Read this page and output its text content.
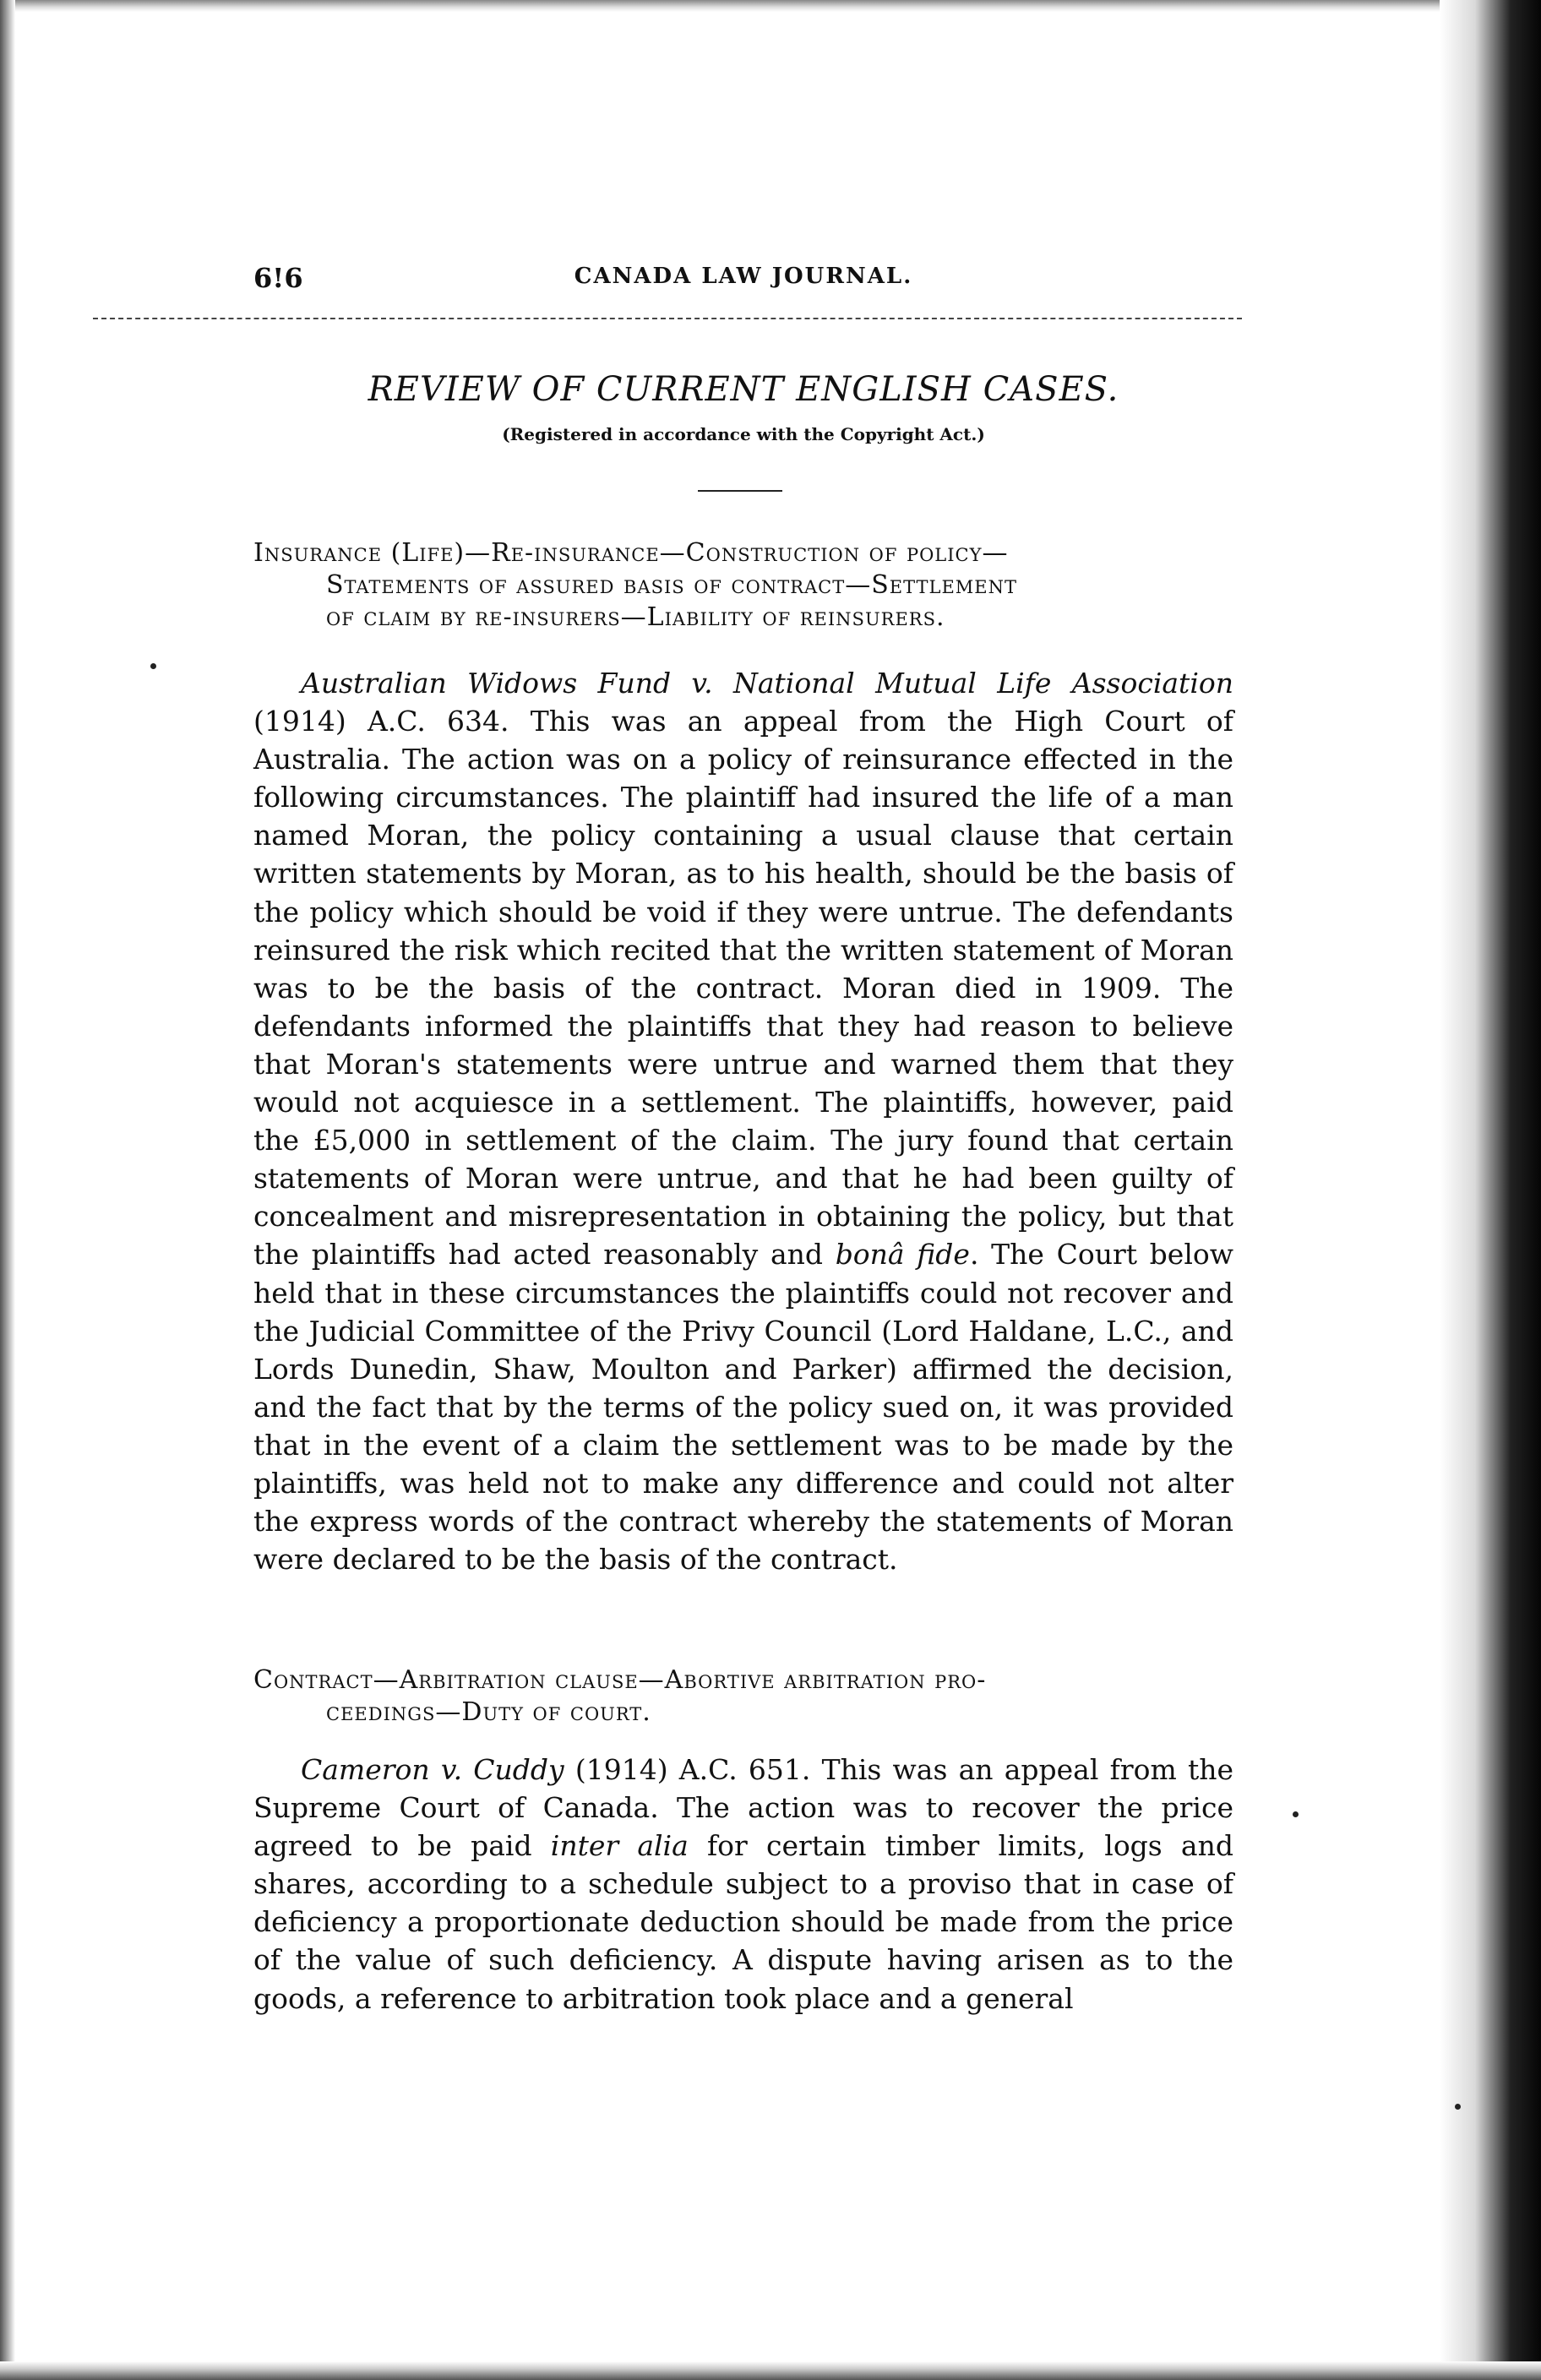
6!6	CANADA LAW JOURNAL.
REVIEW OF CURRENT ENGLISH CASES.
(Registered in accordance with the Copyright Act.)
Insurance (Life)—Re-insurance—Construction of policy—
Statements of assured basis of contract—Settlement
of claim by re-insurers—Liability of reinsurers.

Australian Widows Fund v. National Mutual Life Association (1914) A.C. 634. This was an appeal from the High Court of Australia. The action was on a policy of reinsurance effected in the following circumstances. The plaintiff had insured the life of a man named Moran, the policy containing a usual clause that certain written statements by Moran, as to his health, should be the basis of the policy which should be void if they were untrue. The defendants reinsured the risk which recited that the written statement of Moran was to be the basis of the contract. Moran died in 1909. The defendants informed the plaintiffs that they had reason to believe that Moran's statements were untrue and warned them that they would not acquiesce in a settlement. The plaintiffs, however, paid the £5,000 in settlement of the claim. The jury found that certain statements of Moran were untrue, and that he had been guilty of concealment and misrepresentation in obtaining the policy, but that the plaintiffs had acted reasonably and bonâ fide. The Court below held that in these circumstances the plaintiffs could not recover and the Judicial Committee of the Privy Council (Lord Haldane, L.C., and Lords Dunedin, Shaw, Moulton and Parker) affirmed the decision, and the fact that by the terms of the policy sued on, it was provided that in the event of a claim the settlement was to be made by the plaintiffs, was held not to make any difference and could not alter the express words of the contract whereby the statements of Moran were declared to be the basis of the contract.

Contract—Arbitration clause—Abortive arbitration pro-
ceedings—Duty of court.

Cameron v. Cuddy (1914) A.C. 651. This was an appeal from the Supreme Court of Canada. The action was to recover the price agreed to be paid inter alia for certain timber limits, logs and shares, according to a schedule subject to a proviso that in case of deficiency a proportionate deduction should be made from the price of the value of such deficiency. A dispute having arisen as to the goods, a reference to arbitration took place and a general
